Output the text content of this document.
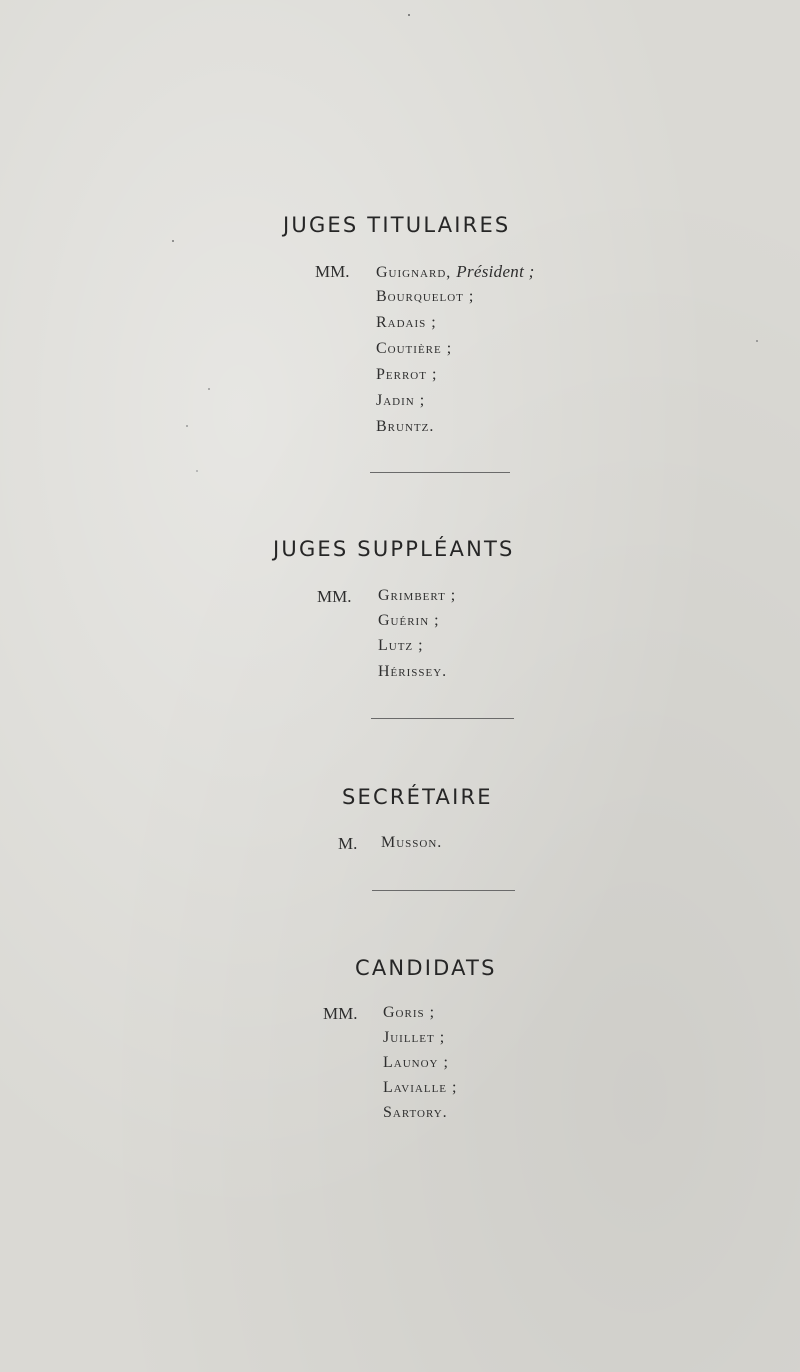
JUGES TITULAIRES
MM. Guignard, Président ;
Bourquelot ;
Radais ;
Coutière ;
Perrot ;
Jadin ;
Bruntz.
JUGES SUPPLÉANTS
MM. Grimbert ;
Guérin ;
Lutz ;
Hérissey.
SECRÉTAIRE
M. Musson.
CANDIDATS
MM. Goris ;
Juillet ;
Launoy ;
Lavialle ;
Sartory.
